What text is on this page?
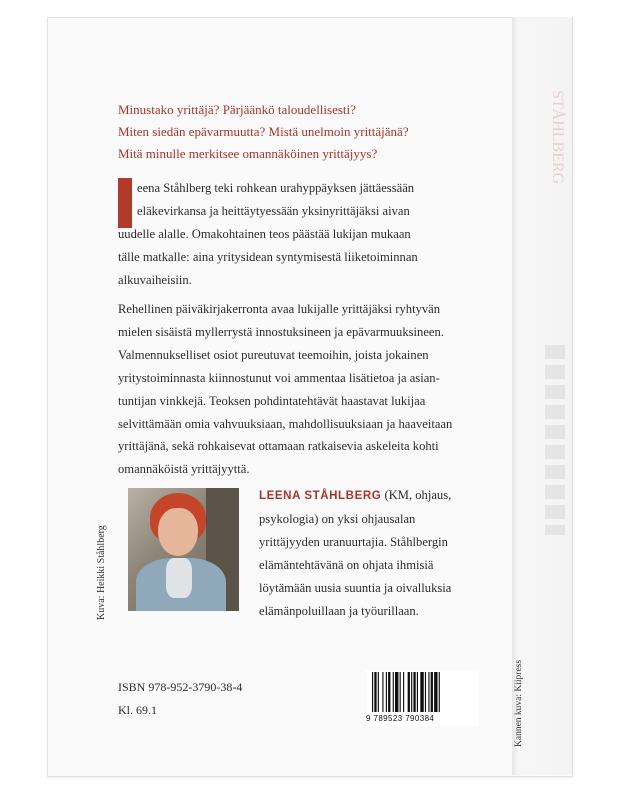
STÅHLBERG

Minustako yrittäjä? Pärjäänkö taloudellisesti?

Miten siedän epävarmuutta? Mistä unelmoin yrittäjänä?

Mitä minulle merkitsee omannäköinen yrittäjyys?

eena Ståhlberg teki rohkean urahyppäyksen jättäessään
eläkevirkansa ja heittäytyessään yksinyrittäjäksi aivan
uudelle alalle. Omakohtainen teos päästää lukijan mukaan
tälle matkalle: aina yritysidean syntymisestä liiketoiminnan
alkuvaiheisiin.

Rehellinen päiväkirjakerronta avaa lukijalle yrittäjäksi ryhtyvän

mielen sisäistä myllerrystä innostuksineen ja epävarmuuksineen.

Valmennukselliset osiot pureutuvat teemoihin, joista jokainen

yritystoiminnasta kiinnostunut voi ammentaa lisätietoa ja asian-

tuntijan vinkkejä. Teoksen pohdintatehtävät haastavat lukijaa

selvittämään omia vahvuuksiaan, mahdollisuuksiaan ja haaveitaan

yrittäjänä, sekä rohkaisevat ottamaan ratkaisevia askeleita kohti

omannäköistä yrittäjyyttä.

Kuva: Heikki Ståhlberg

LEENA STÅHLBERG (KM, ohjaus,

psykologia) on yksi ohjausalan

yrittäjyyden uranuurtajia. Ståhlbergin

elämäntehtävänä on ohjata ihmisiä

löytämään uusia suuntia ja oivalluksia

elämänpoluillaan ja työurillaan.

ISBN 978-952-3790-38-4

Kl. 69.1

9 789523 790384	Kannen kuva: Kiipress
